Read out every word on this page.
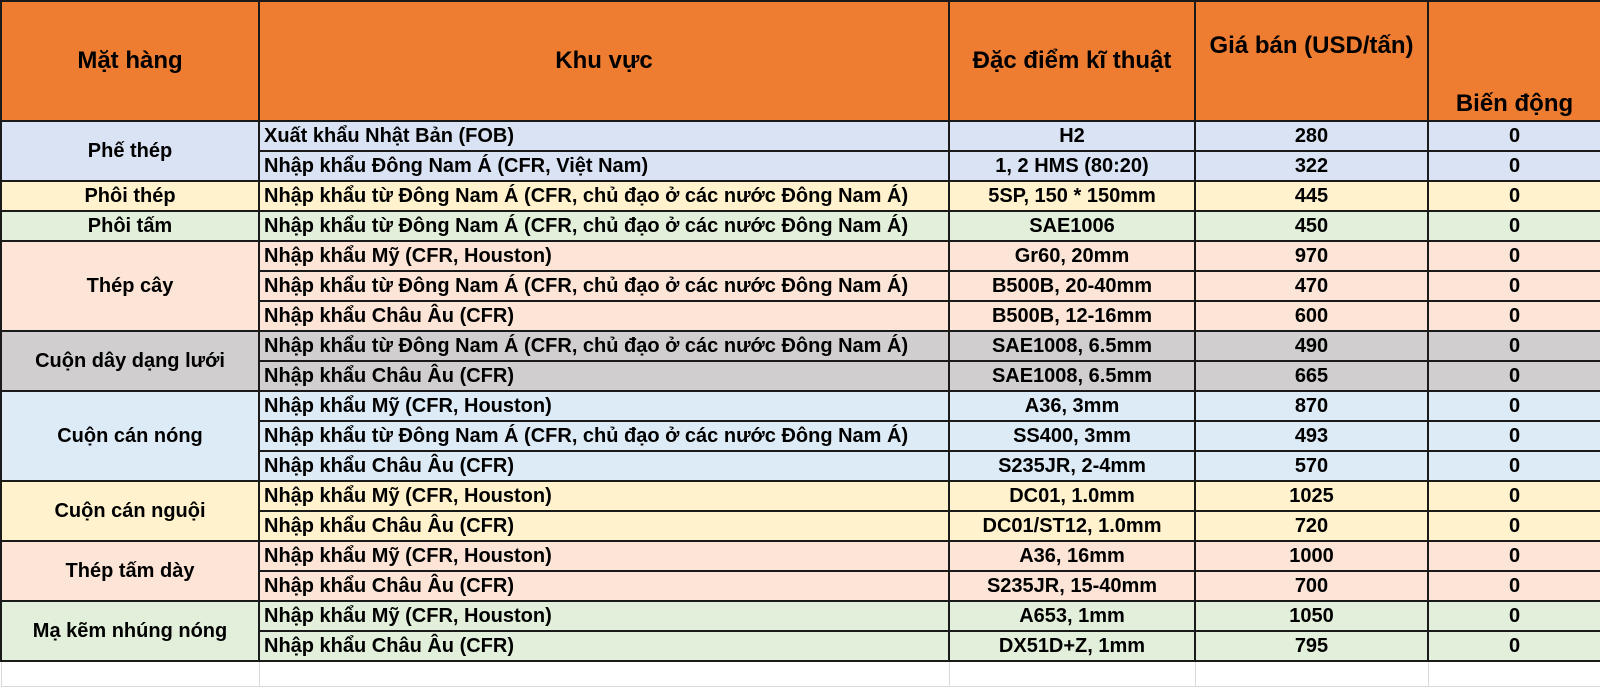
Mặt hàng	Khu vực	Đặc điểm kĩ thuật	Giá bán (USD/tấn)	Biến động
Phế thép	Xuất khẩu Nhật Bản (FOB)	H2	280	0
	Nhập khẩu Đông Nam Á (CFR, Việt Nam)	1, 2 HMS (80:20)	322	0
Phôi thép	Nhập khẩu từ Đông Nam Á (CFR, chủ đạo ở các nước Đông Nam Á)	5SP, 150 * 150mm	445	0
Phôi tấm	Nhập khẩu từ Đông Nam Á (CFR, chủ đạo ở các nước Đông Nam Á)	SAE1006	450	0
Thép cây	Nhập khẩu Mỹ (CFR, Houston)	Gr60, 20mm	970	0
	Nhập khẩu từ Đông Nam Á (CFR, chủ đạo ở các nước Đông Nam Á)	B500B, 20-40mm	470	0
	Nhập khẩu Châu Âu (CFR)	B500B, 12-16mm	600	0
Cuộn dây dạng lưới	Nhập khẩu từ Đông Nam Á (CFR, chủ đạo ở các nước Đông Nam Á)	SAE1008, 6.5mm	490	0
	Nhập khẩu Châu Âu (CFR)	SAE1008, 6.5mm	665	0
Cuộn cán nóng	Nhập khẩu Mỹ (CFR, Houston)	A36, 3mm	870	0
	Nhập khẩu từ Đông Nam Á (CFR, chủ đạo ở các nước Đông Nam Á)	SS400, 3mm	493	0
	Nhập khẩu Châu Âu (CFR)	S235JR, 2-4mm	570	0
Cuộn cán nguội	Nhập khẩu Mỹ (CFR, Houston)	DC01, 1.0mm	1025	0
	Nhập khẩu Châu Âu (CFR)	DC01/ST12, 1.0mm	720	0
Thép tấm dày	Nhập khẩu Mỹ (CFR, Houston)	A36, 16mm	1000	0
	Nhập khẩu Châu Âu (CFR)	S235JR, 15-40mm	700	0
Mạ kẽm nhúng nóng	Nhập khẩu Mỹ (CFR, Houston)	A653, 1mm	1050	0
	Nhập khẩu Châu Âu (CFR)	DX51D+Z, 1mm	795	0
